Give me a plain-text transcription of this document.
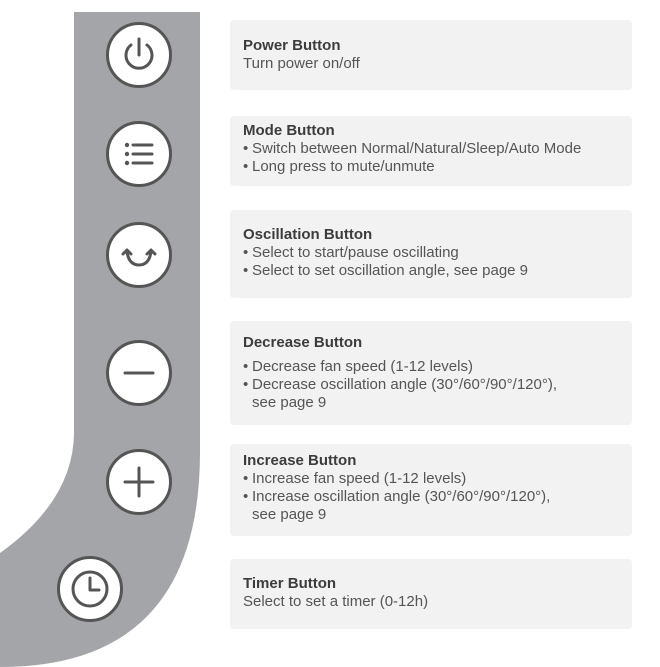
Power Button

Turn power on/off

Mode Button

• Switch between Normal/Natural/Sleep/Auto Mode
• Long press to mute/unmute

Oscillation Button

• Select to start/pause oscillating
• Select to set oscillation angle, see page 9

Decrease Button

• Decrease fan speed (1-12 levels)
• Decrease oscillation angle (30°/60°/90°/120°),
see page 9

Increase Button

• Increase fan speed (1-12 levels)
• Increase oscillation angle (30°/60°/90°/120°),
see page 9

Timer Button

Select to set a timer (0-12h)
